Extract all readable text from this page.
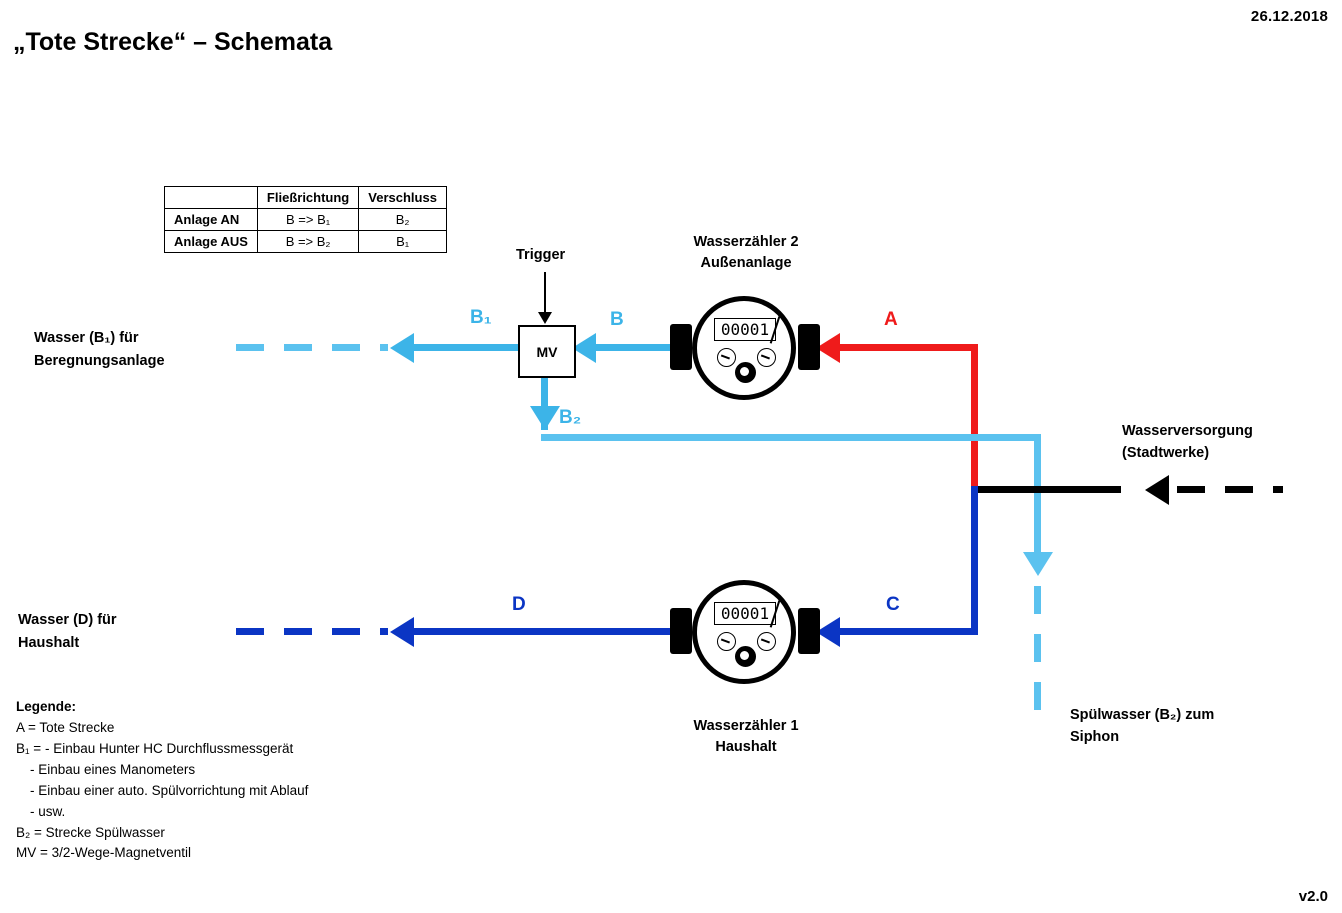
26.12.2018
„Tote Strecke“ – Schemata
v2.0
	Fließrichtung	Verschluss
Anlage AN	B => B₁	B₂
Anlage AUS	B => B₂	B₁
Trigger
MV
00001
Wasserzähler 2
Außenanlage
00001
Wasserzähler 1
Haushalt
A
B
B₁
B₂
C
D
Wasser (B₁) für
Beregnungsanlage
Wasser (D) für
Haushalt
Wasserversorgung
(Stadtwerke)
Spülwasser (B₂) zum
Siphon
Legende:
A = Tote Strecke
B₁ = - Einbau Hunter HC Durchflussmessgerät
- Einbau eines Manometers
- Einbau einer auto. Spülvorrichtung mit Ablauf
- usw.
B₂ = Strecke Spülwasser
MV = 3/2-Wege-Magnetventil
